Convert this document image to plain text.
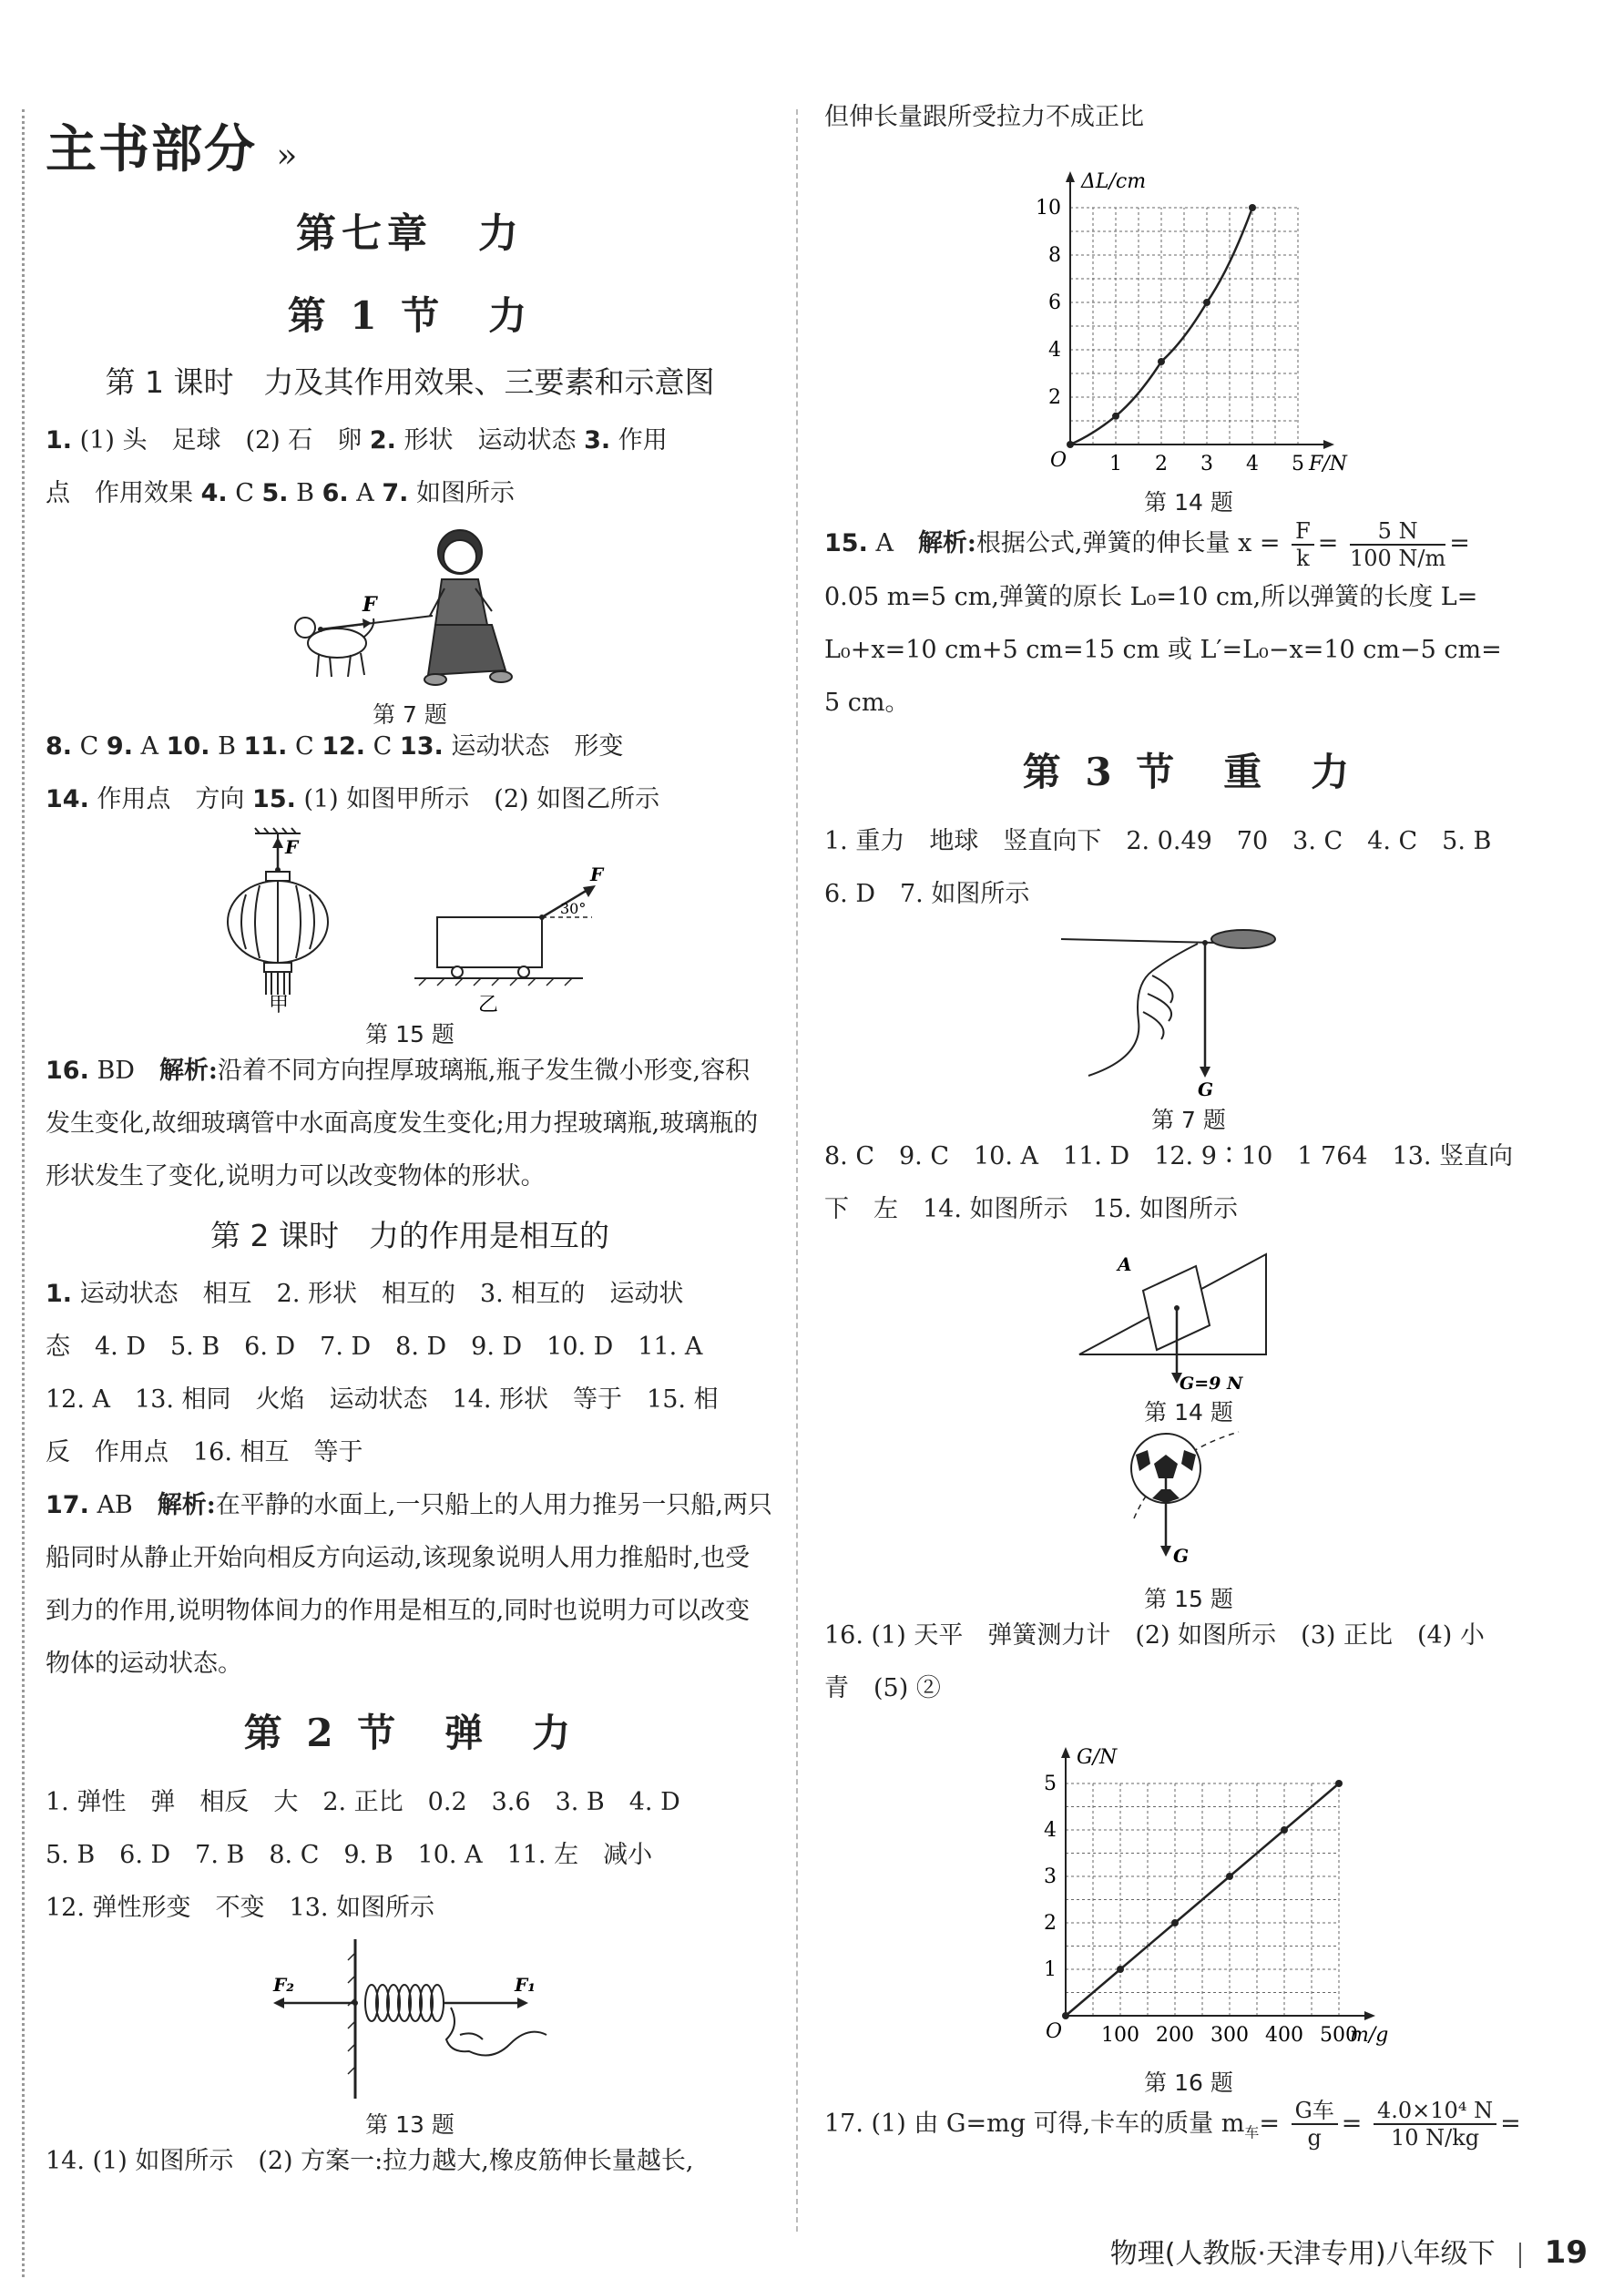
主书部分 ››
第七章　力
第 1 节　力
第 1 课时　力及其作用效果、三要素和示意图

1. (1) 头　足球　(2) 石　卵 2. 形状　运动状态 3. 作用

点　作用效果 4. C 5. B 6. A 7. 如图所示

F
第 7 题

8. C 9. A 10. B 11. C 12. C 13. 运动状态　形变

14. 作用点　方向 15. (1) 如图甲所示　(2) 如图乙所示

F
30°
F
甲	乙
第 15 题

16. BD　 解析:沿着不同方向捏厚玻璃瓶,瓶子发生微小形变,容积发生变化,故细玻璃管中水面高度发生变化;用力捏玻璃瓶,玻璃瓶的形状发生了变化,说明力可以改变物体的形状。

第 2 课时　力的作用是相互的

1. 运动状态　相互　2. 形状　相互的　3. 相互的　运动状

态　4. D　5. B　6. D　7. D　8. D　9. D　10. D　11. A

12. A　13. 相同　火焰　运动状态　14. 形状　等于　15. 相

反　作用点　16. 相互　等于

17. AB　 解析:在平静的水面上,一只船上的人用力推另一只船,两只船同时从静止开始向相反方向运动,该现象说明人用力推船时,也受到力的作用,说明物体间力的作用是相互的,同时也说明力可以改变物体的运动状态。

第 2 节　弹　力

1. 弹性　弹　相反　大　2. 正比　0.2　3.6　3. B　4. D

5. B　6. D　7. B　8. C　9. B　10. A　11. 左　减小

12. 弹性形变　不变　13. 如图所示

F₂	F₁
第 13 题

14. (1) 如图所示　(2) 方案一:拉力越大,橡皮筋伸长量越长,

但伸长量跟所受拉力不成正比

ΔL/cm
F/N
O 1 2 3 4 5
2
4
6
8
10
第 14 题

15. A　 解析:根据公式,弹簧的伸长量 $x = \frac{F}{k} = \frac{5 N}{100 N/m}$ =

0.05 m=5 cm,弹簧的原长 L₀=10 cm,所以弹簧的长度 L=

L₀+x=10 cm+5 cm=15 cm 或 L′=L₀−x=10 cm−5 cm=

5 cm。

第 3 节　重　力

1. 重力　地球　竖直向下　2. 0.49　70　3. C　4. C　5. B

6. D　7. 如图所示

G
第 7 题

8. C　9. C　10. A　11. D　12. 9∶10　1 764　13. 竖直向

下　左　14. 如图所示　15. 如图所示

A
G=9 N
第 14 题
G
第 15 题

16. (1) 天平　弹簧测力计　(2) 如图所示　(3) 正比　(4) 小

青　(5) ②

G/N
m/g
O 100 200 300 400 500
1
2
3
4
5
第 16 题

17. (1) 由 G=mg 可得,卡车的质量 $m_车= \frac{\text{G车}}{g} = \frac{\text{4.0×10⁴ N}}{10 N/kg}$ =

物理(人教版·天津专用)八年级下 19
